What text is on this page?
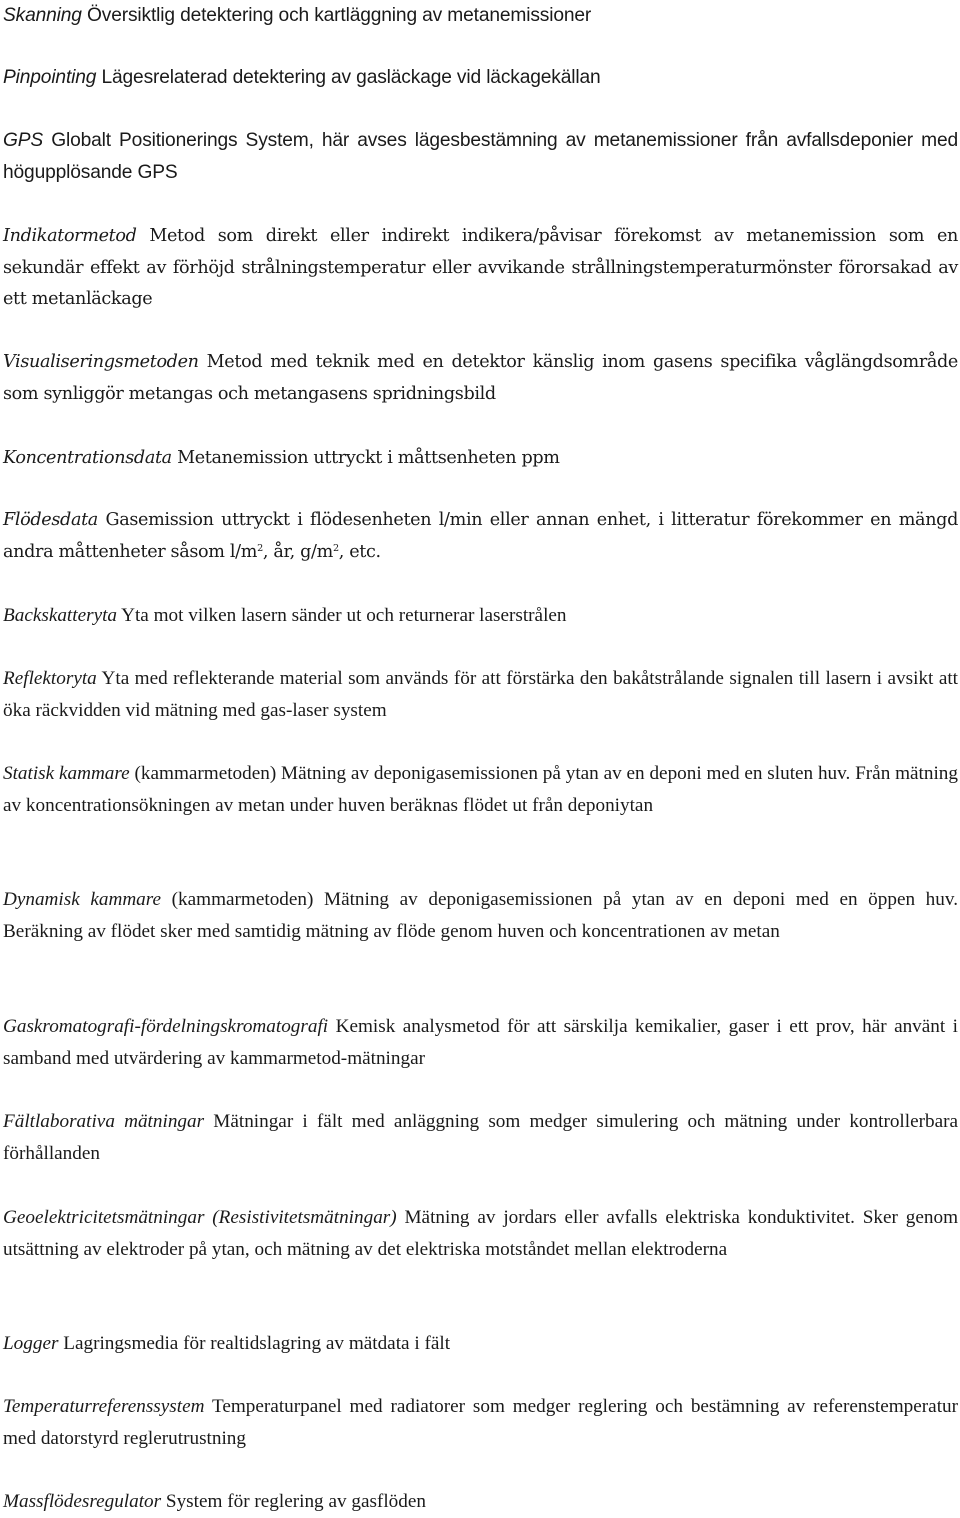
Skanning Översiktlig detektering och kartläggning av metanemissioner

Pinpointing Lägesrelaterad detektering av gasläckage vid läckagekällan

GPS Globalt Positionerings System, här avses lägesbestämning av metanemissioner från avfallsdeponier med högupplösande GPS

Indikatormetod Metod som direkt eller indirekt indikera/påvisar förekomst av metanemission som en sekundär effekt av förhöjd strålningstemperatur eller avvikande strållningstemperaturmönster förorsakad av ett metanläckage

Visualiseringsmetoden Metod med teknik med en detektor känslig inom gasens specifika våglängdsområde som synliggör metangas och metangasens spridningsbild

Koncentrationsdata Metanemission uttryckt i måttsenheten ppm

Flödesdata Gasemission uttryckt i flödesenheten l/min eller annan enhet, i litteratur förekommer en mängd andra måttenheter såsom $l/m^2$, år, $g/m^2$, etc.

Backskatteryta Yta mot vilken lasern sänder ut och returnerar laserstrålen

Reflektoryta Yta med reflekterande material som används för att förstärka den bakåtstrålande signalen till lasern i avsikt att öka räckvidden vid mätning med gas-laser system

Statisk kammare (kammarmetoden) Mätning av deponigasemissionen på ytan av en deponi med en sluten huv. Från mätning av koncentrationsökningen av metan under huven beräknas flödet ut från deponiytan

Dynamisk kammare (kammarmetoden) Mätning av deponigasemissionen på ytan av en deponi med en öppen huv. Beräkning av flödet sker med samtidig mätning av flöde genom huven och koncentrationen av metan

Gaskromatografi-fördelningskromatografi Kemisk analysmetod för att särskilja kemikalier, gaser i ett prov, här använt i samband med utvärdering av kammarmetod-mätningar

Fältlaborativa mätningar Mätningar i fält med anläggning som medger simulering och mätning under kontrollerbara förhållanden

Geoelektricitetsmätningar (Resistivitetsmätningar) Mätning av jordars eller avfalls elektriska konduktivitet. Sker genom utsättning av elektroder på ytan, och mätning av det elektriska motståndet mellan elektroderna

Logger Lagringsmedia för realtidslagring av mätdata i fält

Temperaturreferenssystem Temperaturpanel med radiatorer som medger reglering och bestämning av referenstemperatur med datorstyrd reglerutrustning

Massflödesregulator System för reglering av gasflöden
